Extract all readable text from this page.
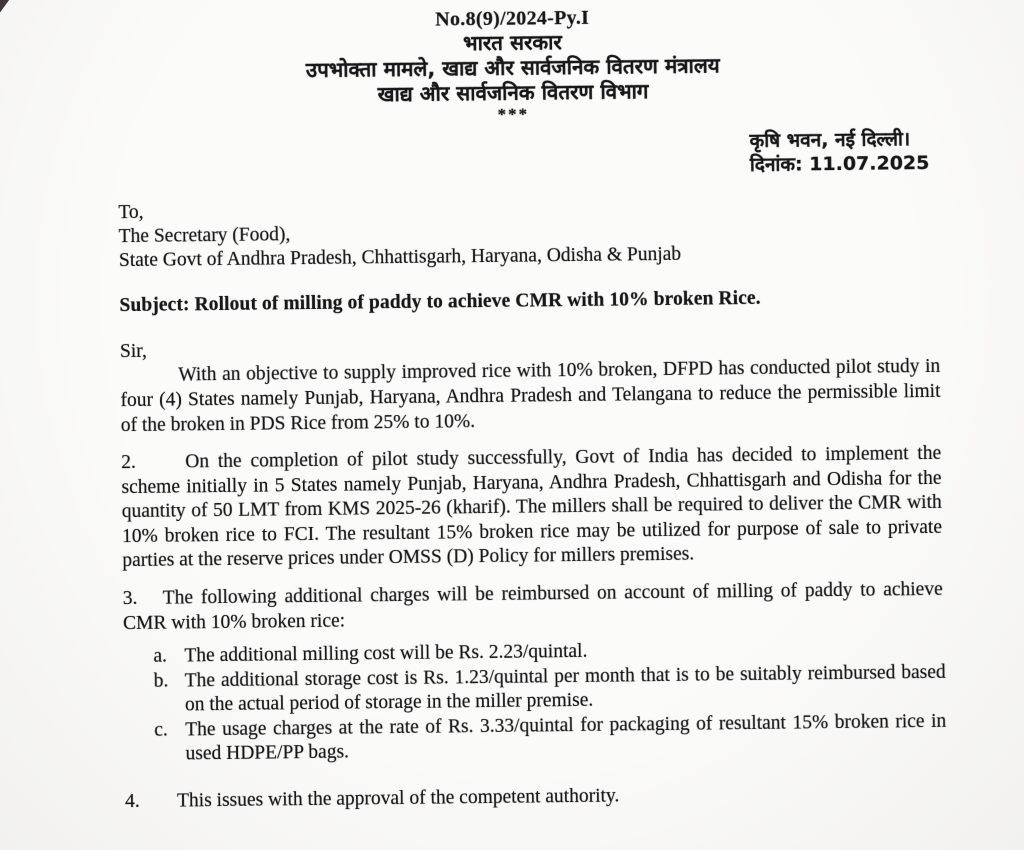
No.8(9)/2024-Py.I
भारत सरकार
उपभोक्ता मामले, खाद्य और सार्वजनिक वितरण मंत्रालय
खाद्य और सार्वजनिक वितरण विभाग
***
कृषि भवन, नई दिल्ली।
दिनांक: 11.07.2025
To,
The Secretary (Food),
State Govt of Andhra Pradesh, Chhattisgarh, Haryana, Odisha & Punjab
Subject: Rollout of milling of paddy to achieve CMR with 10% broken Rice.
Sir,

With an objective to supply improved rice with 10% broken, DFPD has conducted pilot study in four (4) States namely Punjab, Haryana, Andhra Pradesh and Telangana to reduce the permissible limit of the broken in PDS Rice from 25% to 10%.

2.	On the completion of pilot study successfully, Govt of India has decided to implement the scheme initially in 5 States namely Punjab, Haryana, Andhra Pradesh, Chhattisgarh and Odisha for the quantity of 50 LMT from KMS 2025-26 (kharif). The millers shall be required to deliver the CMR with 10% broken rice to FCI. The resultant 15% broken rice may be utilized for purpose of sale to private parties at the reserve prices under OMSS (D) Policy for millers premises.

3. The following additional charges will be reimbursed on account of milling of paddy to achieve CMR with 10% broken rice:

a. The additional milling cost will be Rs. 2.23/quintal.
b. The additional storage cost is Rs. 1.23/quintal per month that is to be suitably reimbursed based on the actual period of storage in the miller premise.
c. The usage charges at the rate of Rs. 3.33/quintal for packaging of resultant 15% broken rice in used HDPE/PP bags.

4. This issues with the approval of the competent authority.
